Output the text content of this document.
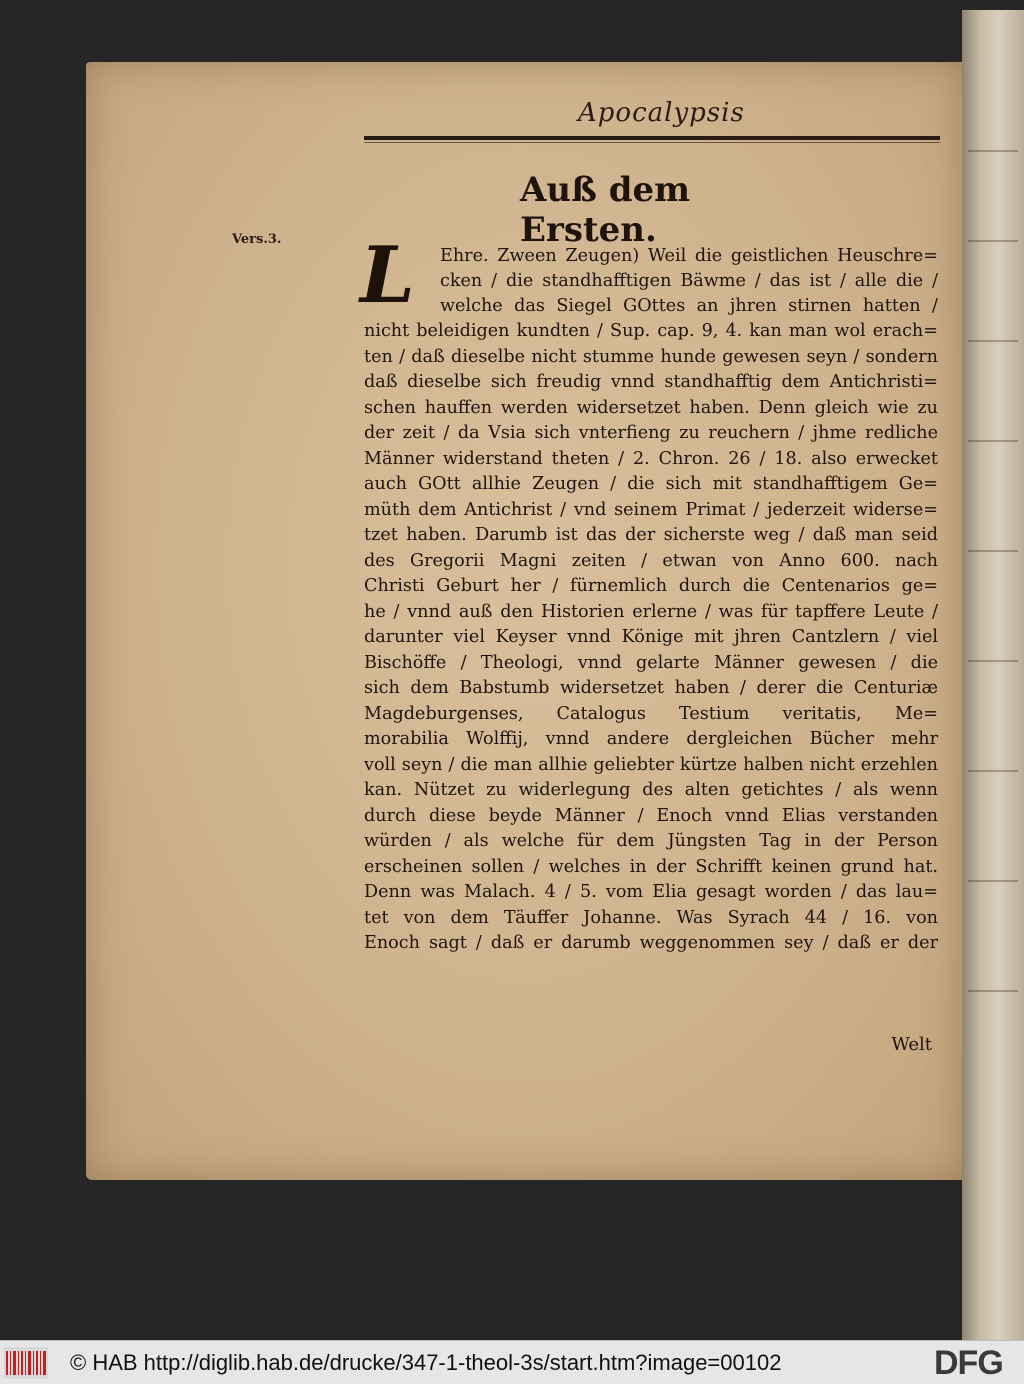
Apocalypsis
Auß dem Ersten.
Vers.3.	L	Ehre. Zween Zeugen) Weil die geistlichen Heuschre=
cken / die standhafftigen Bäwme / das ist / alle die /
welche das Siegel GOttes an jhren stirnen hatten /
nicht beleidigen kundten / Sup. cap. 9, 4. kan man wol erach=
ten / daß dieselbe nicht stumme hunde gewesen seyn / sondern
daß dieselbe sich freudig vnnd standhafftig dem Antichristi=
schen hauffen werden widersetzet haben. Denn gleich wie zu
der zeit / da Vsia sich vnterfieng zu reuchern / jhme redliche
Männer widerstand theten / 2. Chron. 26 / 18. also erwecket
auch GOtt allhie Zeugen / die sich mit standhafftigem Ge=
müth dem Antichrist / vnd seinem Primat / jederzeit widerse=
tzet haben. Darumb ist das der sicherste weg / daß man seid
des Gregorii Magni zeiten / etwan von Anno 600. nach
Christi Geburt her / fürnemlich durch die Centenarios ge=
he / vnnd auß den Historien erlerne / was für tapffere Leute /
darunter viel Keyser vnnd Könige mit jhren Cantzlern / viel
Bischöffe / Theologi, vnnd gelarte Männer gewesen / die
sich dem Babstumb widersetzet haben / derer die Centuriæ
Magdeburgenses, Catalogus Testium veritatis, Me=
morabilia Wolffij, vnnd andere dergleichen Bücher mehr
voll seyn / die man allhie geliebter kürtze halben nicht erzehlen
kan. Nützet zu widerlegung des alten getichtes / als wenn
durch diese beyde Männer / Enoch vnnd Elias verstanden
würden / als welche für dem Jüngsten Tag in der Person
erscheinen sollen / welches in der Schrifft keinen grund hat.
Denn was Malach. 4 / 5. vom Elia gesagt worden / das lau=
tet von dem Täuffer Johanne. Was Syrach 44 / 16. von
Enoch sagt / daß er darumb weggenommen sey / daß er der
Welt
© HAB http://diglib.hab.de/drucke/347-1-theol-3s/start.htm?image=00102	DFG
